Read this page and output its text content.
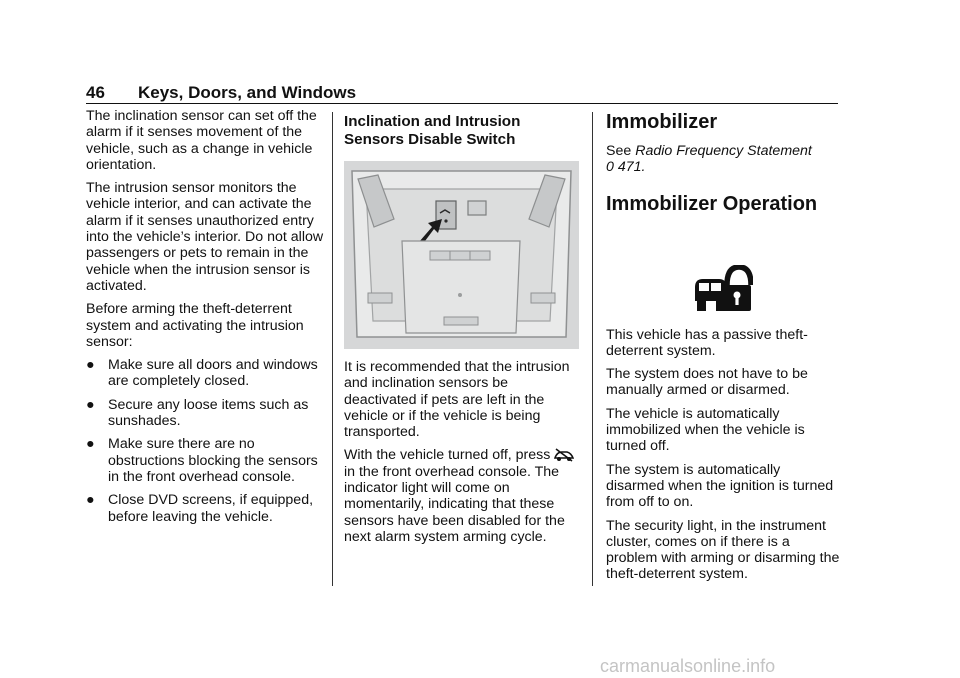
46 Keys, Doors, and Windows

The inclination sensor can set off the alarm if it senses movement of the vehicle, such as a change in vehicle orientation.

The intrusion sensor monitors the vehicle interior, and can activate the alarm if it senses unauthorized entry into the vehicle’s interior. Do not allow passengers or pets to remain in the vehicle when the intrusion sensor is activated.

Before arming the theft-deterrent system and activating the intrusion sensor:

● Make sure all doors and windows are completely closed.
● Secure any loose items such as sunshades.
● Make sure there are no obstructions blocking the sensors in the front overhead console.
● Close DVD screens, if equipped, before leaving the vehicle.
Inclination and Intrusion Sensors Disable Switch

It is recommended that the intrusion and inclination sensors be deactivated if pets are left in the vehicle or if the vehicle is being transported.

With the vehicle turned off, press  in the front overhead console. The indicator light will come on momentarily, indicating that these sensors have been disabled for the next alarm system arming cycle.

Immobilizer

See Radio Frequency Statement
0 471.

Immobilizer Operation

This vehicle has a passive theft-deterrent system.

The system does not have to be manually armed or disarmed.

The vehicle is automatically immobilized when the vehicle is turned off.

The system is automatically disarmed when the ignition is turned from off to on.

The security light, in the instrument cluster, comes on if there is a problem with arming or disarming the theft-deterrent system.

carmanualsonline.info
